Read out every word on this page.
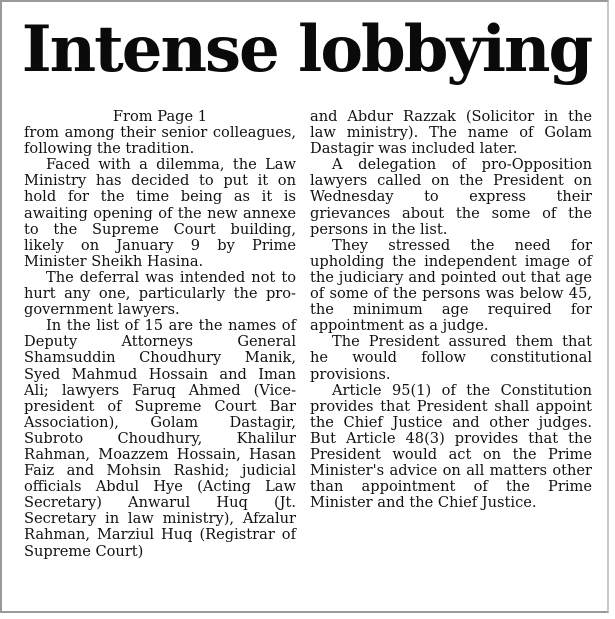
Intense lobbying

From Page 1

from among their senior colleagues, following the tradition.

Faced with a dilemma, the Law Ministry has decided to put it on hold for the time being as it is awaiting opening of the new annexe to the Supreme Court building, likely on January 9 by Prime Minister Sheikh Hasina.

The deferral was intended not to hurt any one, particularly the pro-government lawyers.

In the list of 15 are the names of Deputy Attorneys General Shamsuddin Choudhury Manik, Syed Mahmud Hossain and Iman Ali; lawyers Faruq Ahmed (Vice-president of Supreme Court Bar Association), Golam Dastagir, Subroto Choudhury, Khalilur Rahman, Moazzem Hossain, Hasan Faiz and Mohsin Rashid; judicial officials Abdul Hye (Acting Law Secretary) Anwarul Huq (Jt. Secretary in law ministry), Afzalur Rahman, Marziul Huq (Registrar of Supreme Court)

and Abdur Razzak (Solicitor in the law ministry). The name of Golam Dastagir was included later.

A delegation of pro-Opposition lawyers called on the President on Wednesday to express their grievances about the some of the persons in the list.

They stressed the need for upholding the independent image of the judiciary and pointed out that age of some of the persons was below 45, the minimum age required for appointment as a judge.

The President assured them that he would follow constitutional provisions.

Article 95(1) of the Constitution provides that President shall appoint the Chief Justice and other judges. But Article 48(3) provides that the President would act on the Prime Minister's advice on all matters other than appointment of the Prime Minister and the Chief Justice.
